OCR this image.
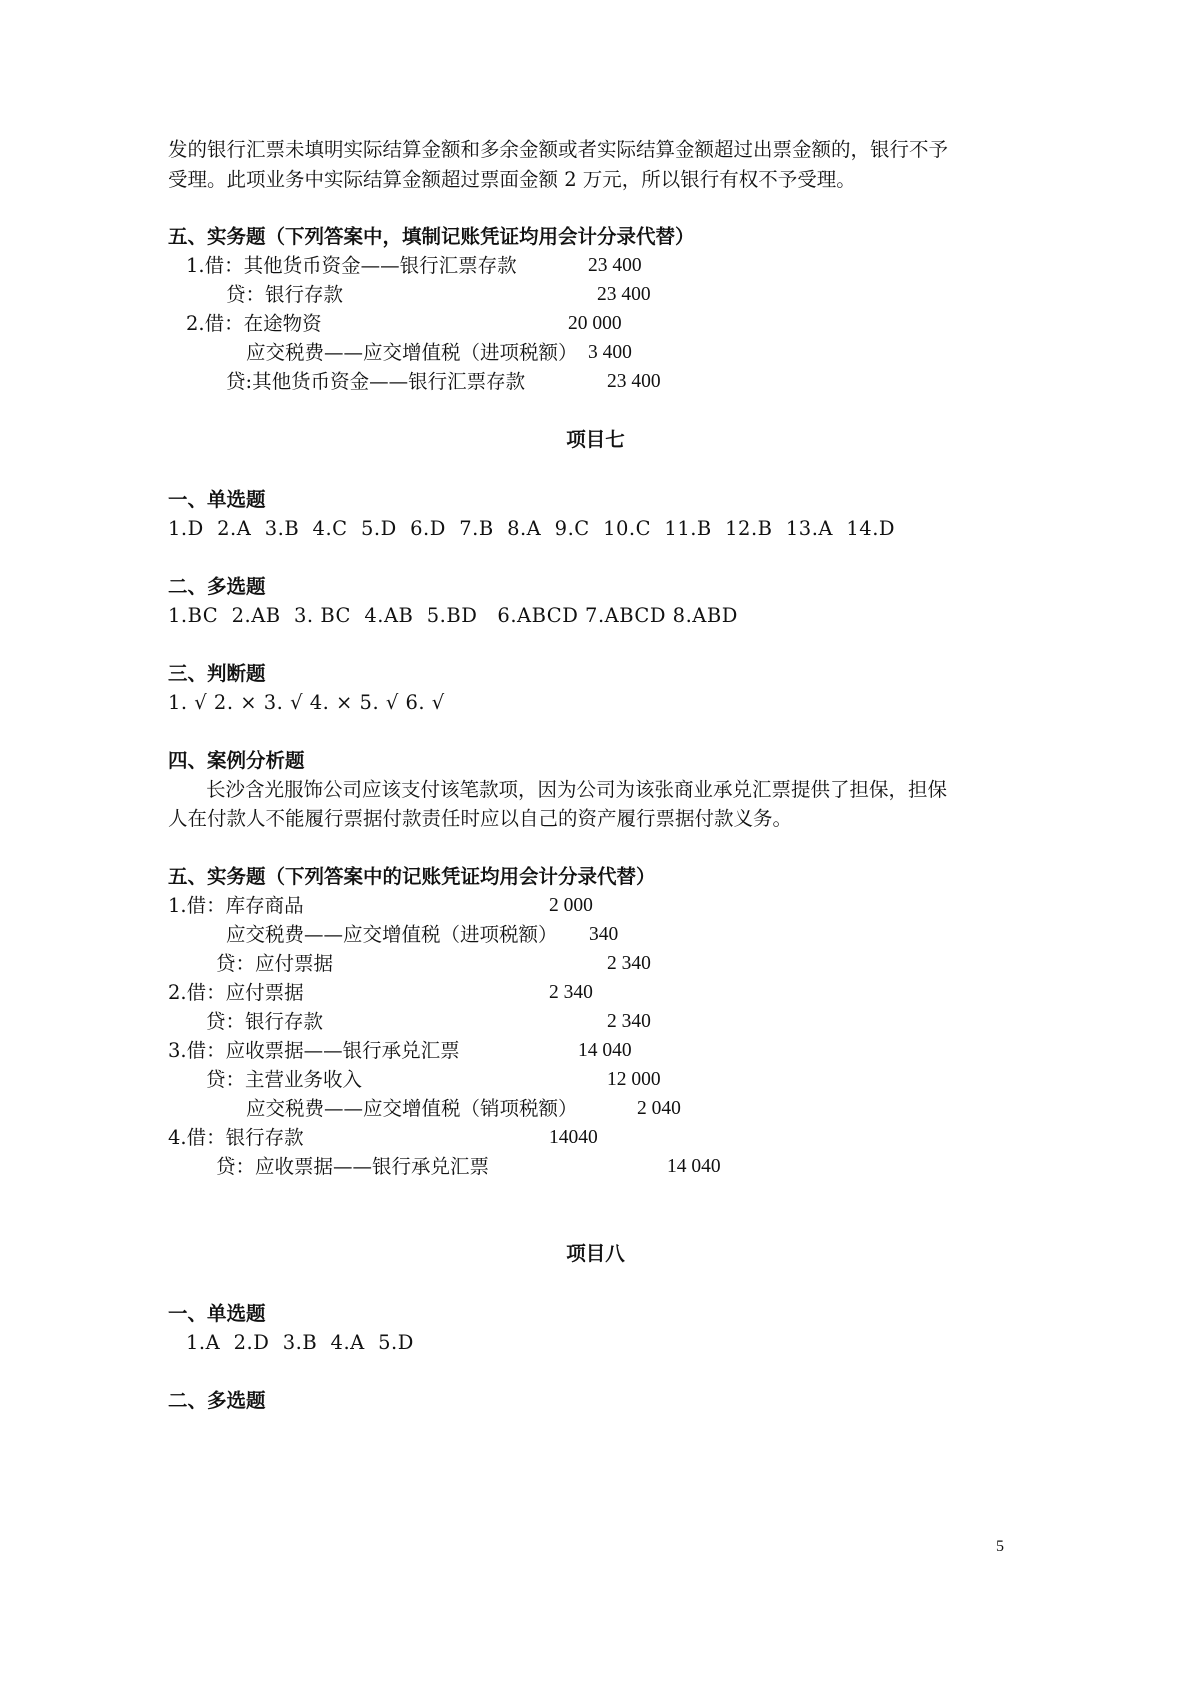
发的银行汇票未填明实际结算金额和多余金额或者实际结算金额超过出票金额的，银行不予
受理。此项业务中实际结算金额超过票面金额 2 万元，所以银行有权不予受理。
五、实务题（下列答案中，填制记账凭证均用会计分录代替）
1.借：其他货币资金——银行汇票存款	23 400
贷：银行存款	23 400
2.借：在途物资	20 000
应交税费——应交增值税（进项税额） 3 400
贷:其他货币资金——银行汇票存款	23 400
项目七
一、单选题
1.D  2.A  3.B  4.C  5.D  6.D  7.B  8.A  9.C  10.C  11.B  12.B  13.A  14.D
二、多选题
1.BC  2.AB  3. BC  4.AB  5.BD   6.ABCD 7.ABCD 8.ABD
三、判断题
1. √ 2. × 3. √ 4. × 5. √ 6. √
四、案例分析题
长沙含光服饰公司应该支付该笔款项，因为公司为该张商业承兑汇票提供了担保，担保
人在付款人不能履行票据付款责任时应以自己的资产履行票据付款义务。
五、实务题（下列答案中的记账凭证均用会计分录代替）
1.借：库存商品	2 000
应交税费——应交增值税（进项税额） 340
贷：应付票据	2 340
2.借：应付票据	2 340
贷：银行存款	2 340
3.借：应收票据——银行承兑汇票	14 040
贷：主营业务收入	12 000
应交税费——应交增值税（销项税额）	2 040
4.借：银行存款	14040
贷：应收票据——银行承兑汇票	14 040
项目八
一、单选题
1.A  2.D  3.B  4.A  5.D
二、多选题
5
